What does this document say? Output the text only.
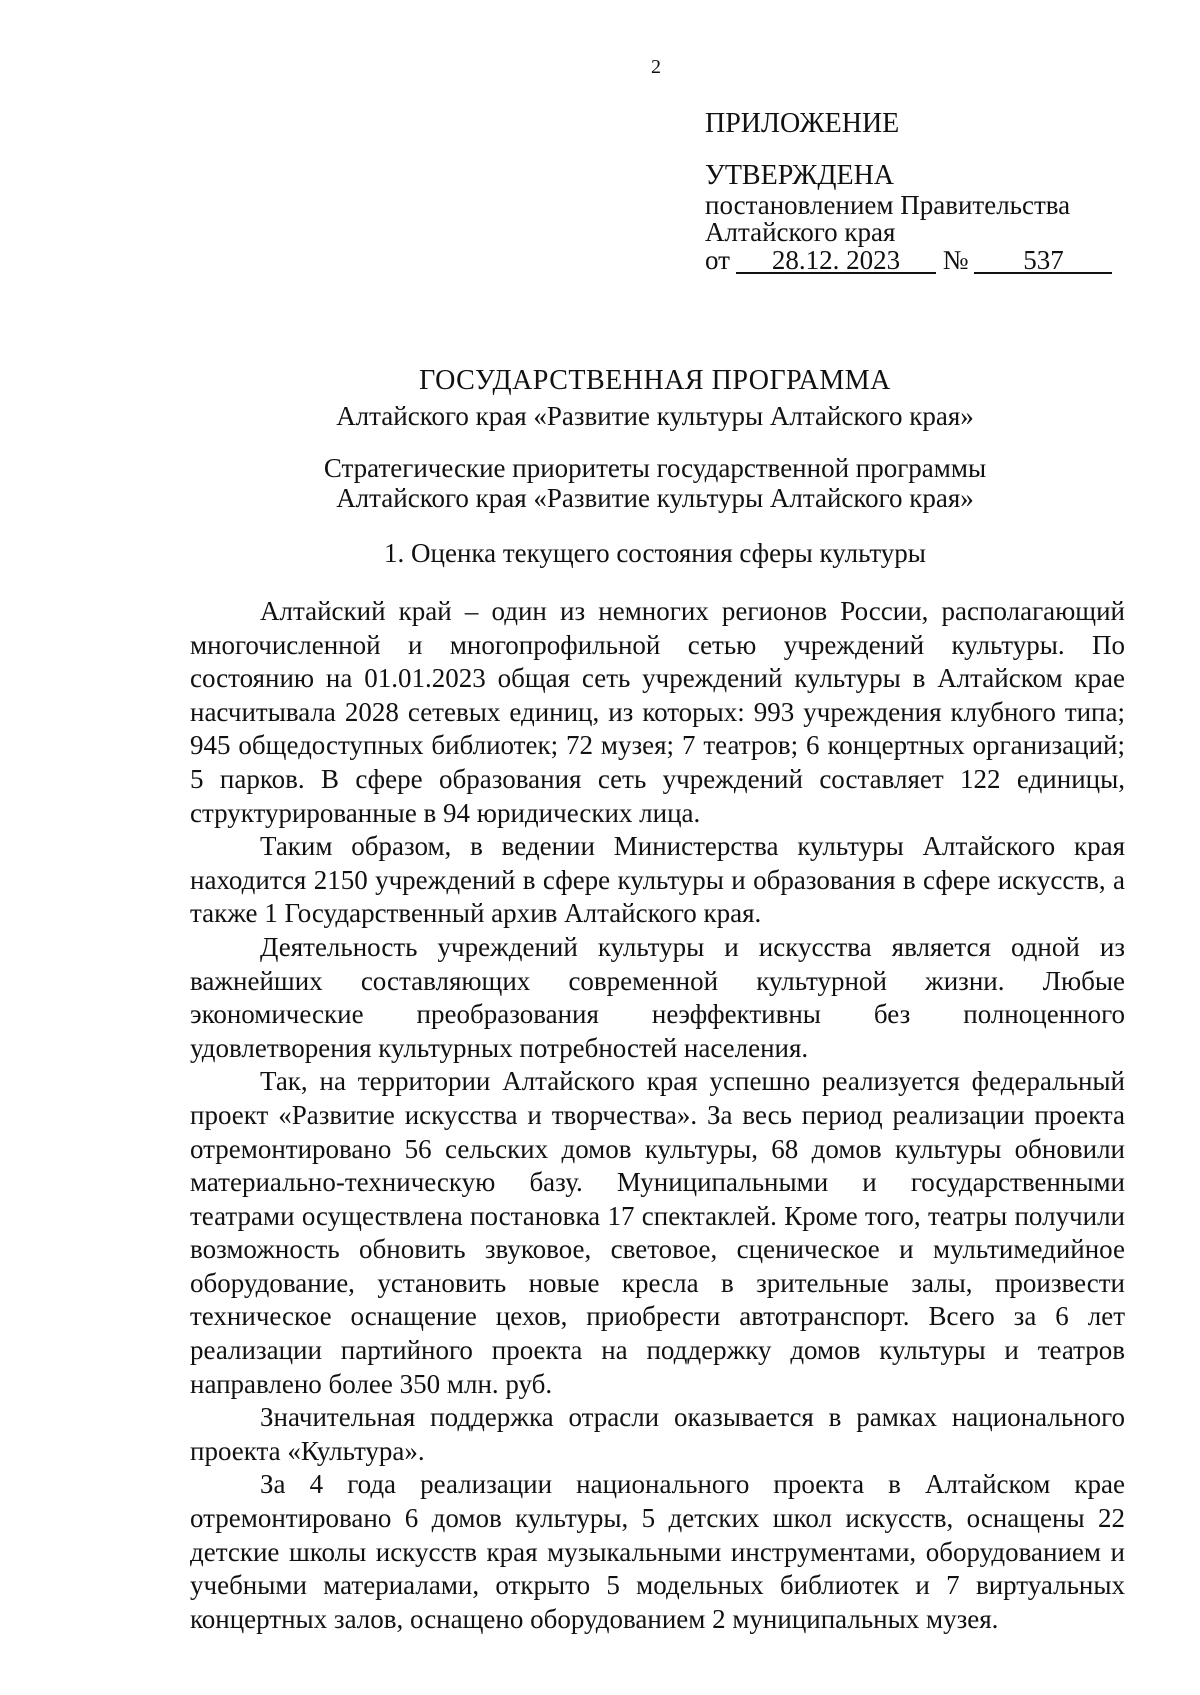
2
ПРИЛОЖЕНИЕ
УТВЕРЖДЕНА
постановлением Правительства
Алтайского края
от 28.12. 2023 № 537
ГОСУДАРСТВЕННАЯ ПРОГРАММА
Алтайского края «Развитие культуры Алтайского края»
Стратегические приоритеты государственной программы
Алтайского края «Развитие культуры Алтайского края»
1. Оценка текущего состояния сферы культуры

Алтайский край – один из немногих регионов России, располагающий многочисленной и многопрофильной сетью учреждений культуры. По состоянию на 01.01.2023 общая сеть учреждений культуры в Алтайском крае насчитывала 2028 сетевых единиц, из которых: 993 учреждения клубного типа; 945 общедоступных библиотек; 72 музея; 7 театров; 6 концертных организаций; 5 парков. В сфере образования сеть учреждений составляет 122 единицы, структурированные в 94 юридических лица.

Таким образом, в ведении Министерства культуры Алтайского края находится 2150 учреждений в сфере культуры и образования в сфере искусств, а также 1 Государственный архив Алтайского края.

Деятельность учреждений культуры и искусства является одной из важнейших составляющих современной культурной жизни. Любые экономические преобразования неэффективны без полноценного удовлетворения культурных потребностей населения.

Так, на территории Алтайского края успешно реализуется федеральный проект «Развитие искусства и творчества». За весь период реализации проекта отремонтировано 56 сельских домов культуры, 68 домов культуры обновили материально-техническую базу. Муниципальными и государственными театрами осуществлена постановка 17 спектаклей. Кроме того, театры получили возможность обновить звуковое, световое, сценическое и мультимедийное оборудование, установить новые кресла в зрительные залы, произвести техническое оснащение цехов, приобрести автотранспорт. Всего за 6 лет реализации партийного проекта на поддержку домов культуры и театров направлено более 350 млн. руб.

Значительная поддержка отрасли оказывается в рамках национального проекта «Культура».

За 4 года реализации национального проекта в Алтайском крае отремонтировано 6 домов культуры, 5 детских школ искусств, оснащены 22 детские школы искусств края музыкальными инструментами, оборудованием и учебными материалами, открыто 5 модельных библиотек и 7 виртуальных концертных залов, оснащено оборудованием 2 муниципальных музея.
